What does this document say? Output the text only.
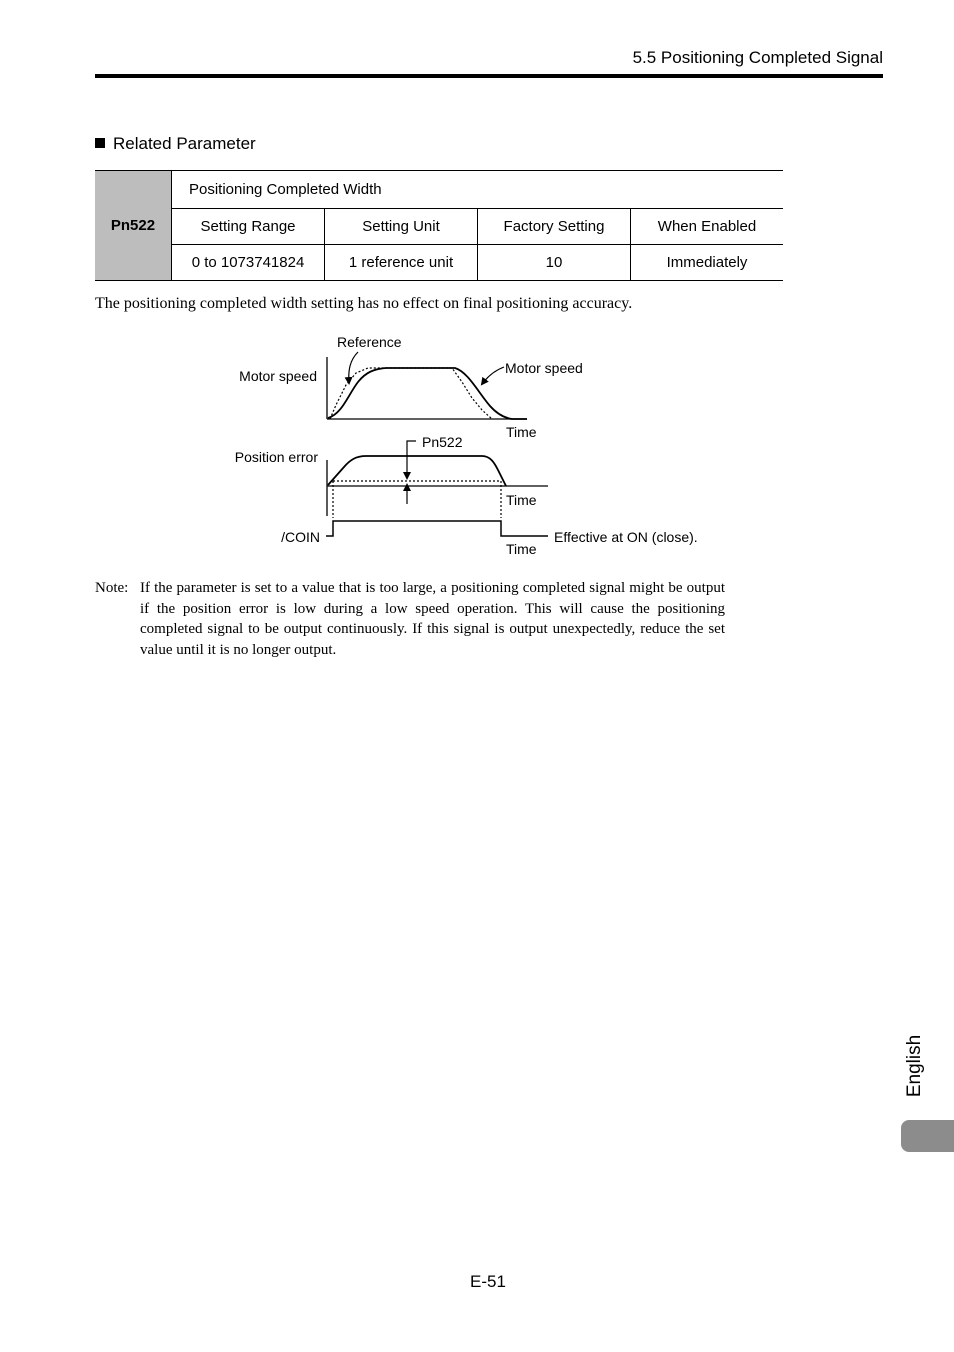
5.5 Positioning Completed Signal
Related Parameter
Pn522	Positioning Completed Width			
	Setting Range	Setting Unit	Factory Setting	When Enabled
	0 to 1073741824	1 reference unit	10	Immediately
The positioning completed width setting has no effect on final positioning accuracy.
Reference
Motor speed	Motor speed
Time
Pn522
Position error
Time
/COIN	Effective at ON (close).
Time
Note: If the parameter is set to a value that is too large, a positioning completed signal might be output if the position error is low during a low speed operation. This will cause the positioning completed signal to be output continuously. If this signal is output unexpectedly, reduce the set value until it is no longer output.
English
E-51
